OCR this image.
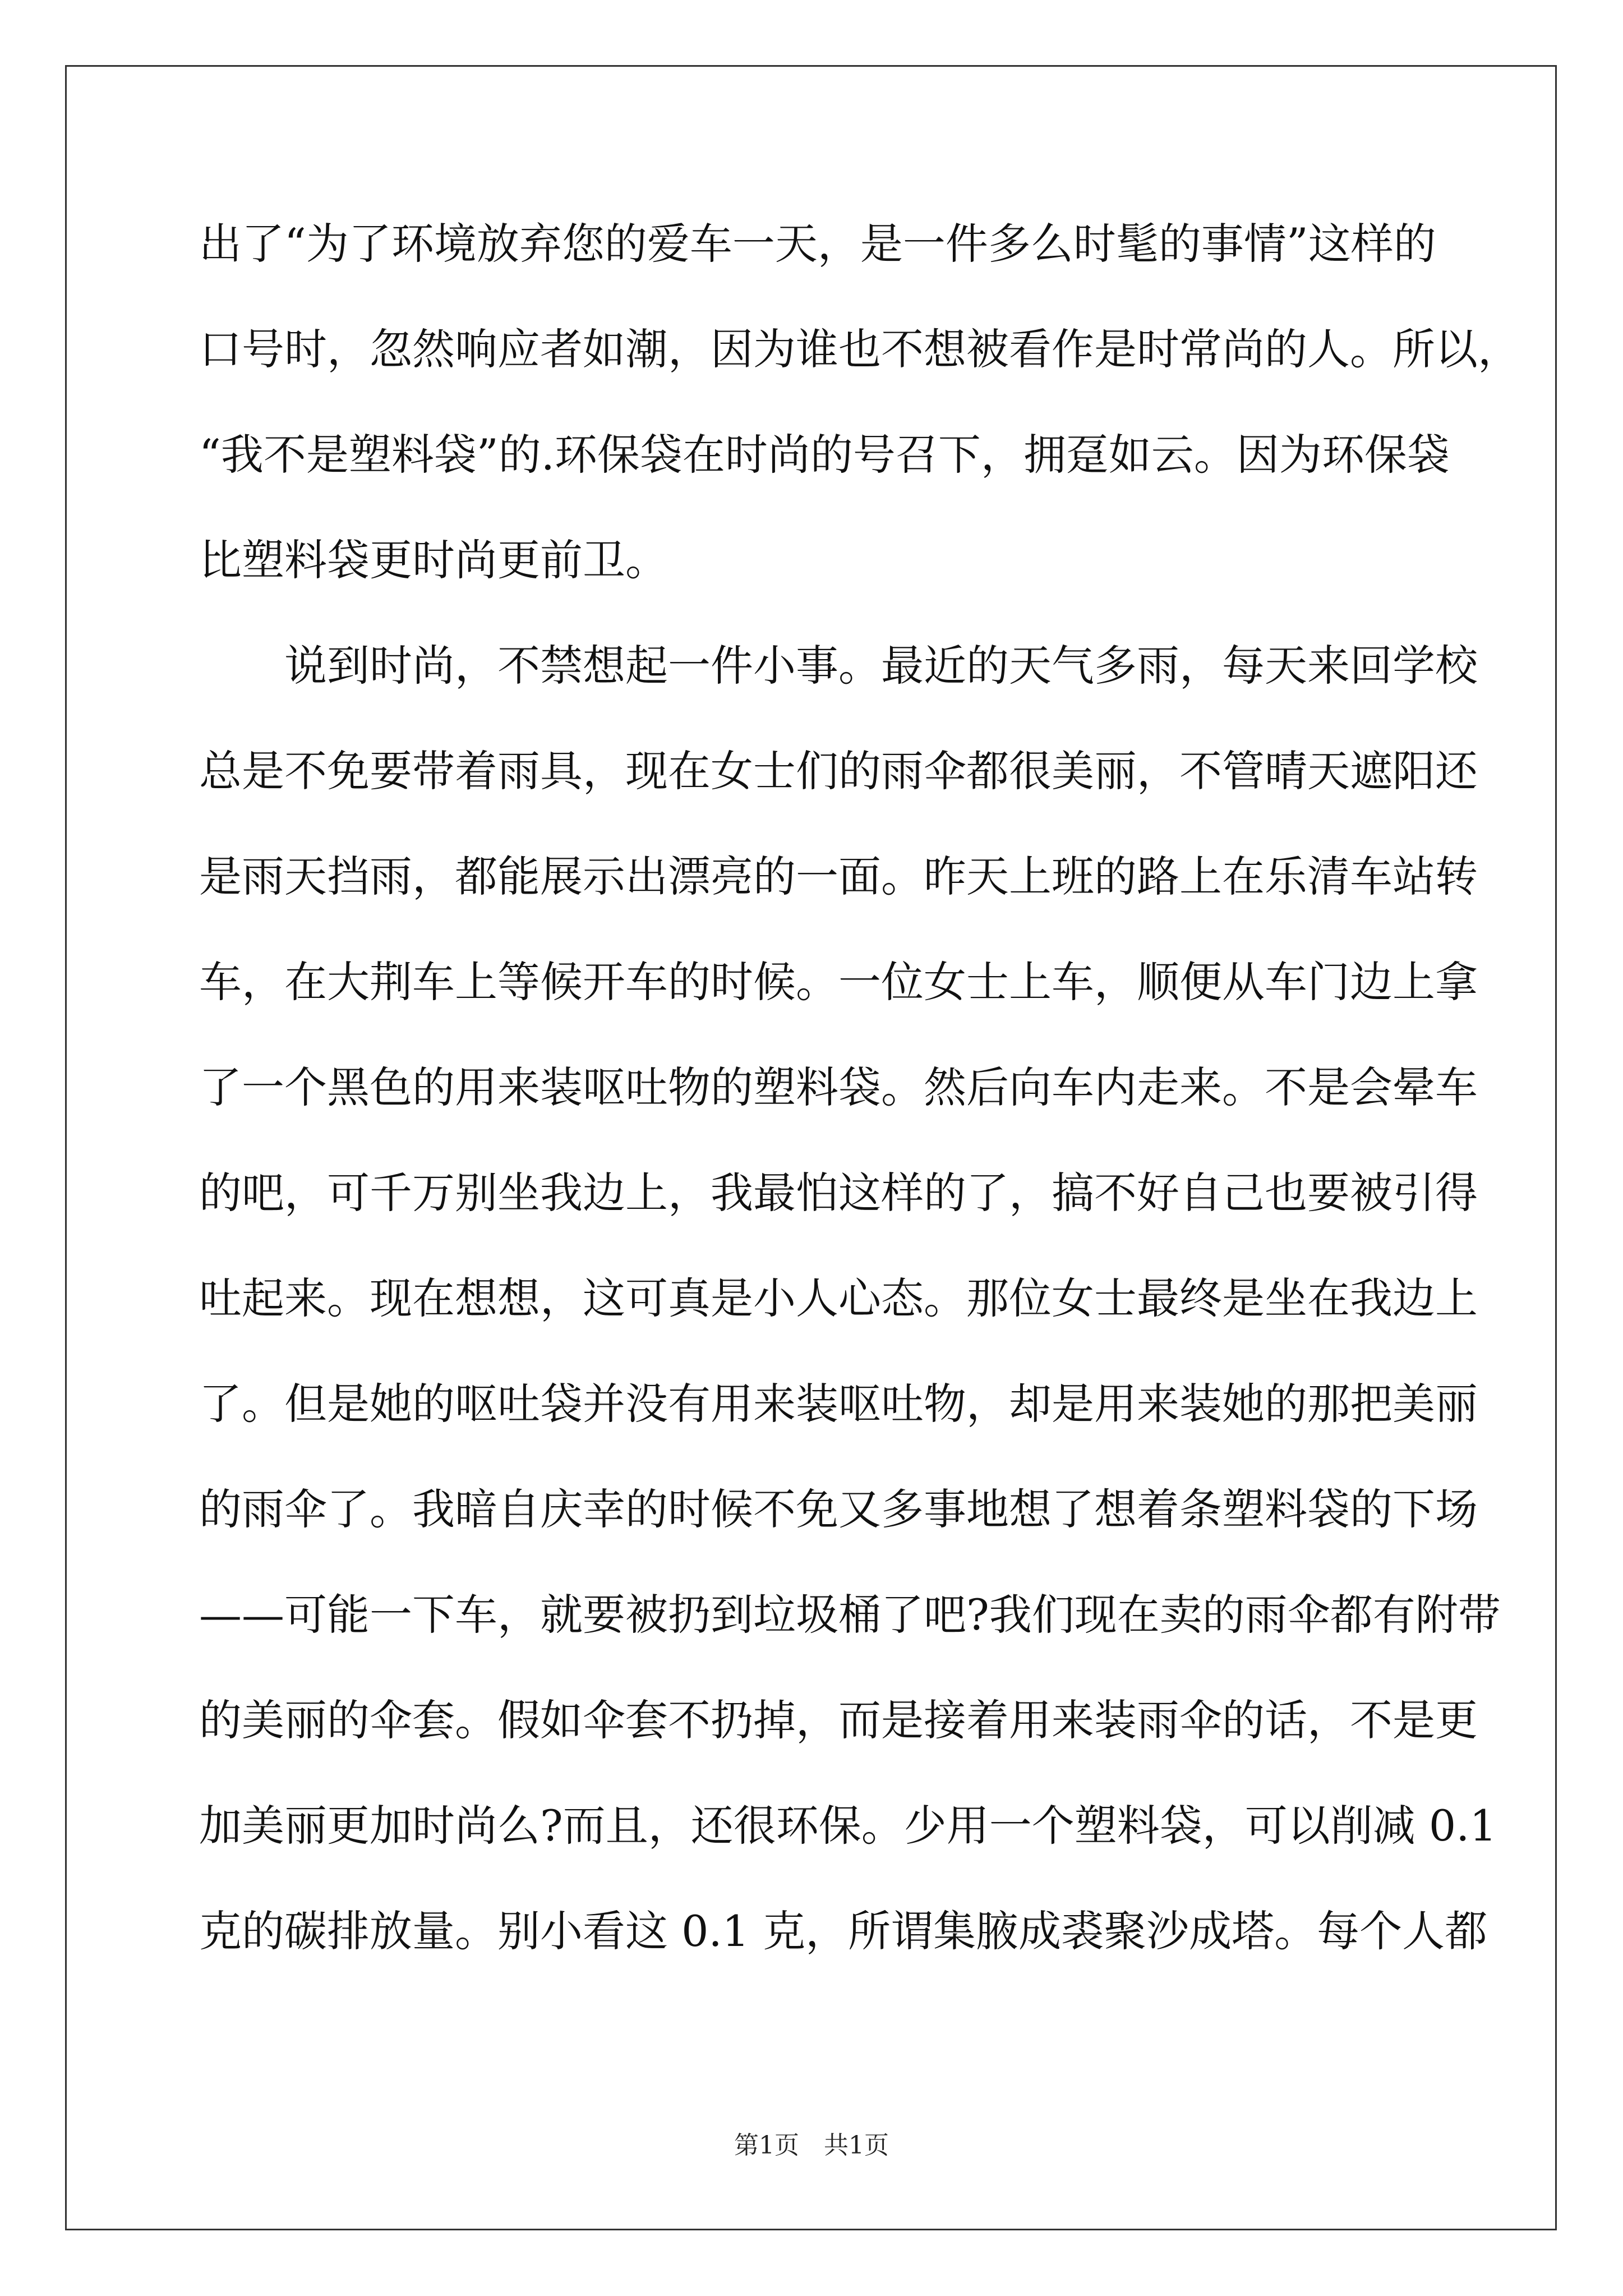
出了“为了环境放弃您的爱车一天，是一件多么时髦的事情”这样的
口号时，忽然响应者如潮，因为谁也不想被看作是时常尚的人。所以，
“我不是塑料袋”的.环保袋在时尚的号召下，拥趸如云。因为环保袋
比塑料袋更时尚更前卫。
　　说到时尚，不禁想起一件小事。最近的天气多雨，每天来回学校
总是不免要带着雨具，现在女士们的雨伞都很美丽，不管晴天遮阳还
是雨天挡雨，都能展示出漂亮的一面。昨天上班的路上在乐清车站转
车，在大荆车上等候开车的时候。一位女士上车，顺便从车门边上拿
了一个黑色的用来装呕吐物的塑料袋。然后向车内走来。不是会晕车
的吧，可千万别坐我边上，我最怕这样的了，搞不好自己也要被引得
吐起来。现在想想，这可真是小人心态。那位女士最终是坐在我边上
了。但是她的呕吐袋并没有用来装呕吐物，却是用来装她的那把美丽
的雨伞了。我暗自庆幸的时候不免又多事地想了想着条塑料袋的下场
——可能一下车，就要被扔到垃圾桶了吧?我们现在卖的雨伞都有附带
的美丽的伞套。假如伞套不扔掉，而是接着用来装雨伞的话，不是更
加美丽更加时尚么?而且，还很环保。少用一个塑料袋，可以削减 0.1
克的碳排放量。别小看这 0.1 克，所谓集腋成裘聚沙成塔。每个人都
第1页　共1页
